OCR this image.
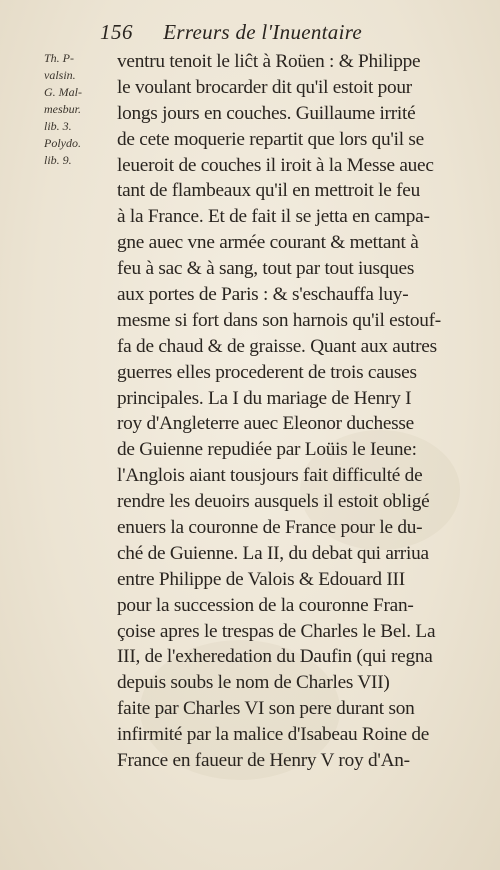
156 Erreurs de l'Inuentaire
Th. P-
valsin.
G. Mal-
mesbur.
lib. 3.
Polydo.
lib. 9.
ventru tenoit le liĉt à Roüen : & Philippe
le voulant brocarder dit qu'il estoit pour
longs jours en couches. Guillaume irrité
de cete moquerie repartit que lors qu'il se
leueroit de couches il iroit à la Messe auec
tant de flambeaux qu'il en mettroit le feu
à la France. Et de fait il se jetta en campa-
gne auec vne armée courant & mettant à
feu à sac & à sang, tout par tout iusques
aux portes de Paris : & s'eschauffa luy-
mesme si fort dans son harnois qu'il estouf-
fa de chaud & de graisse. Quant aux autres
guerres elles procederent de trois causes
principales. La I du mariage de Henry I
roy d'Angleterre auec Eleonor duchesse
de Guienne repudiée par Loüis le Ieune:
l'Anglois aiant tousjours fait difficulté de
rendre les deuoirs ausquels il estoit obligé
enuers la couronne de France pour le du-
ché de Guienne. La II, du debat qui arriua
entre Philippe de Valois & Edouard III
pour la succession de la couronne Fran-
çoise apres le trespas de Charles le Bel. La
III, de l'exheredation du Daufin (qui regna
depuis soubs le nom de Charles VII)
faite par Charles VI son pere durant son
infirmité par la malice d'Isabeau Roine de
France en faueur de Henry V roy d'An-
